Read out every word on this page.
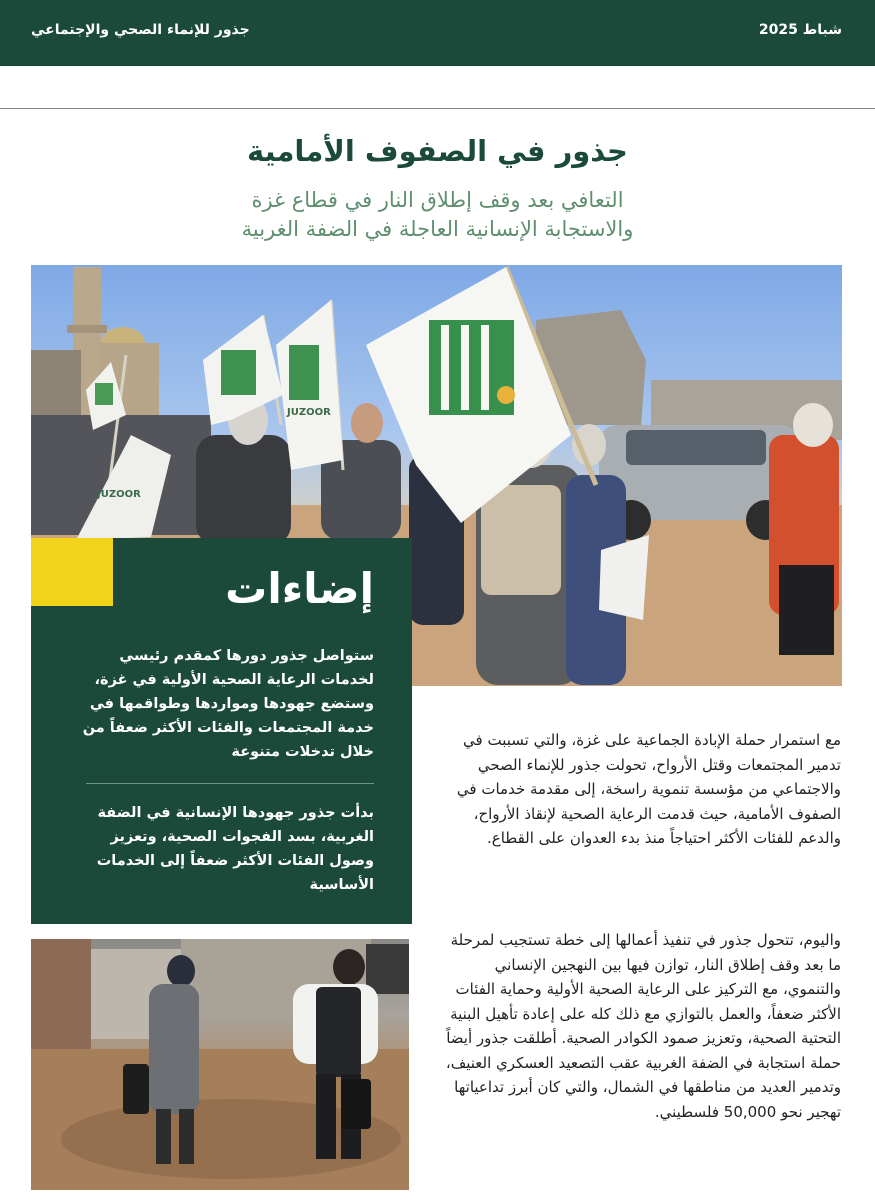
جذور للإنماء الصحي والإجتماعي	شباط 2025
جذور في الصفوف الأمامية
التعافي بعد وقف إطلاق النار في قطاع غزة
والاستجابة الإنسانية العاجلة في الضفة الغربية
JUZOOR
JUZOOR
إضاءات

ستواصل جذور دورها كمقدم رئيسي لخدمات الرعاية الصحية الأولية في غزة، وستضع جهودها ومواردها وطواقمها في خدمة المجتمعات والفئات الأكثر ضعفاً من خلال تدخلات متنوعة

بدأت جذور جهودها الإنسانية في الضفة الغربية، بسد الفجوات الصحية، وتعزيز وصول الفئات الأكثر ضعفاً إلى الخدمات الأساسية

مع استمرار حملة الإبادة الجماعية على غزة، والتي تسببت في تدمير المجتمعات وقتل الأرواح، تحولت جذور للإنماء الصحي والاجتماعي من مؤسسة تنموية راسخة، إلى مقدمة خدمات في الصفوف الأمامية، حيث قدمت الرعاية الصحية لإنقاذ الأرواح، والدعم للفئات الأكثر احتياجاً منذ بدء العدوان على القطاع.

واليوم، تتحول جذور في تنفيذ أعمالها إلى خطة تستجيب لمرحلة ما بعد وقف إطلاق النار، توازن فيها بين النهجين الإنساني والتنموي، مع التركيز على الرعاية الصحية الأولية وحماية الفئات الأكثر ضعفاً، والعمل بالتوازي مع ذلك كله على إعادة تأهيل البنية التحتية الصحية، وتعزيز صمود الكوادر الصحية. أطلقت جذور أيضاً حملة استجابة في الضفة الغربية عقب التصعيد العسكري العنيف، وتدمير العديد من مناطقها في الشمال، والتي كان أبرز تداعياتها تهجير نحو 50,000 فلسطيني.
